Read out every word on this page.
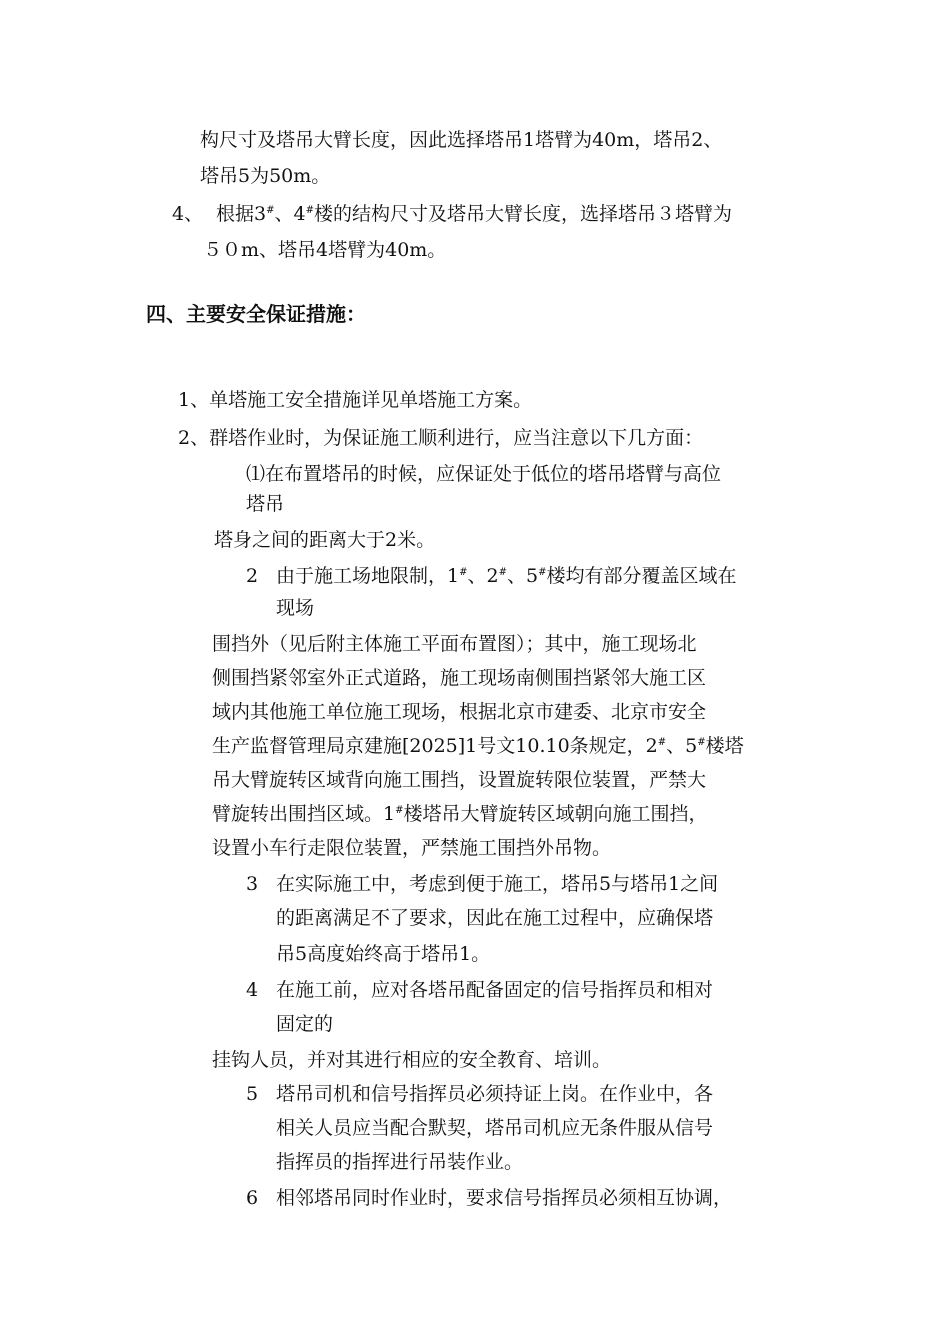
构尺寸及塔吊大臂长度，因此选择塔吊1塔臂为40m，塔吊2、
塔吊5为50m。
4、 根据3#、4#楼的结构尺寸及塔吊大臂长度，选择塔吊３塔臂为
５０m、塔吊4塔臂为40m。
四、主要安全保证措施：
1、单塔施工安全措施详见单塔施工方案。
2、群塔作业时，为保证施工顺利进行，应当注意以下几方面：
⑴在布置塔吊的时候，应保证处于低位的塔吊塔臂与高位
塔吊
塔身之间的距离大于2米。
2 由于施工场地限制，1#、2#、5#楼均有部分覆盖区域在
现场
围挡外（见后附主体施工平面布置图）；其中，施工现场北
侧围挡紧邻室外正式道路，施工现场南侧围挡紧邻大施工区
域内其他施工单位施工现场，根据北京市建委、北京市安全
生产监督管理局京建施[2025]1号文10.10条规定，2#、5#楼塔
吊大臂旋转区域背向施工围挡，设置旋转限位装置，严禁大
臂旋转出围挡区域。1#楼塔吊大臂旋转区域朝向施工围挡，
设置小车行走限位装置，严禁施工围挡外吊物。
3 在实际施工中，考虑到便于施工，塔吊5与塔吊1之间
的距离满足不了要求，因此在施工过程中，应确保塔
吊5高度始终高于塔吊1。
4 在施工前，应对各塔吊配备固定的信号指挥员和相对
固定的
挂钩人员，并对其进行相应的安全教育、培训。
5 塔吊司机和信号指挥员必须持证上岗。在作业中，各
相关人员应当配合默契，塔吊司机应无条件服从信号
指挥员的指挥进行吊装作业。
6 相邻塔吊同时作业时，要求信号指挥员必须相互协调，
